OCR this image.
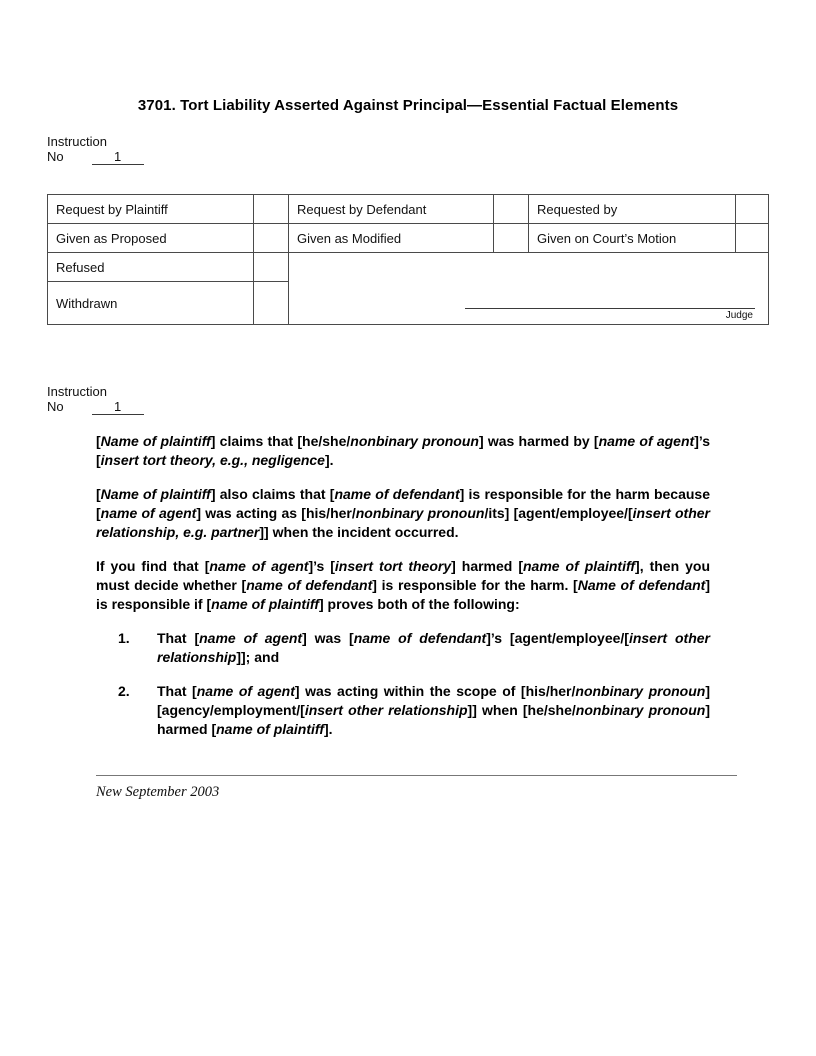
3701. Tort Liability Asserted Against Principal—Essential Factual Elements
Instruction
No	1
Request by Plaintiff		Request by Defendant		Requested by	
Given as Proposed		Given as Modified		Given on Court’s Motion	
Refused		Judge			

Withdrawn					
Instruction
No	1

[Name of plaintiff] claims that [he/she/nonbinary pronoun] was harmed by [name of agent]’s [insert tort theory, e.g., negligence].

[Name of plaintiff] also claims that [name of defendant] is responsible for the harm because [name of agent] was acting as [his/her/nonbinary pronoun/its] [agent/employee/[insert other relationship, e.g. partner]] when the incident occurred.

If you find that [name of agent]’s [insert tort theory] harmed [name of plaintiff], then you must decide whether [name of defendant] is responsible for the harm. [Name of defendant] is responsible if [name of plaintiff] proves both of the following:

1.	That [name of agent] was [name of defendant]’s [agent/employee/[insert other relationship]]; and
2.	That [name of agent] was acting within the scope of [his/her/nonbinary pronoun] [agency/employment/[insert other relationship]] when [he/she/nonbinary pronoun] harmed [name of plaintiff].
New September 2003
